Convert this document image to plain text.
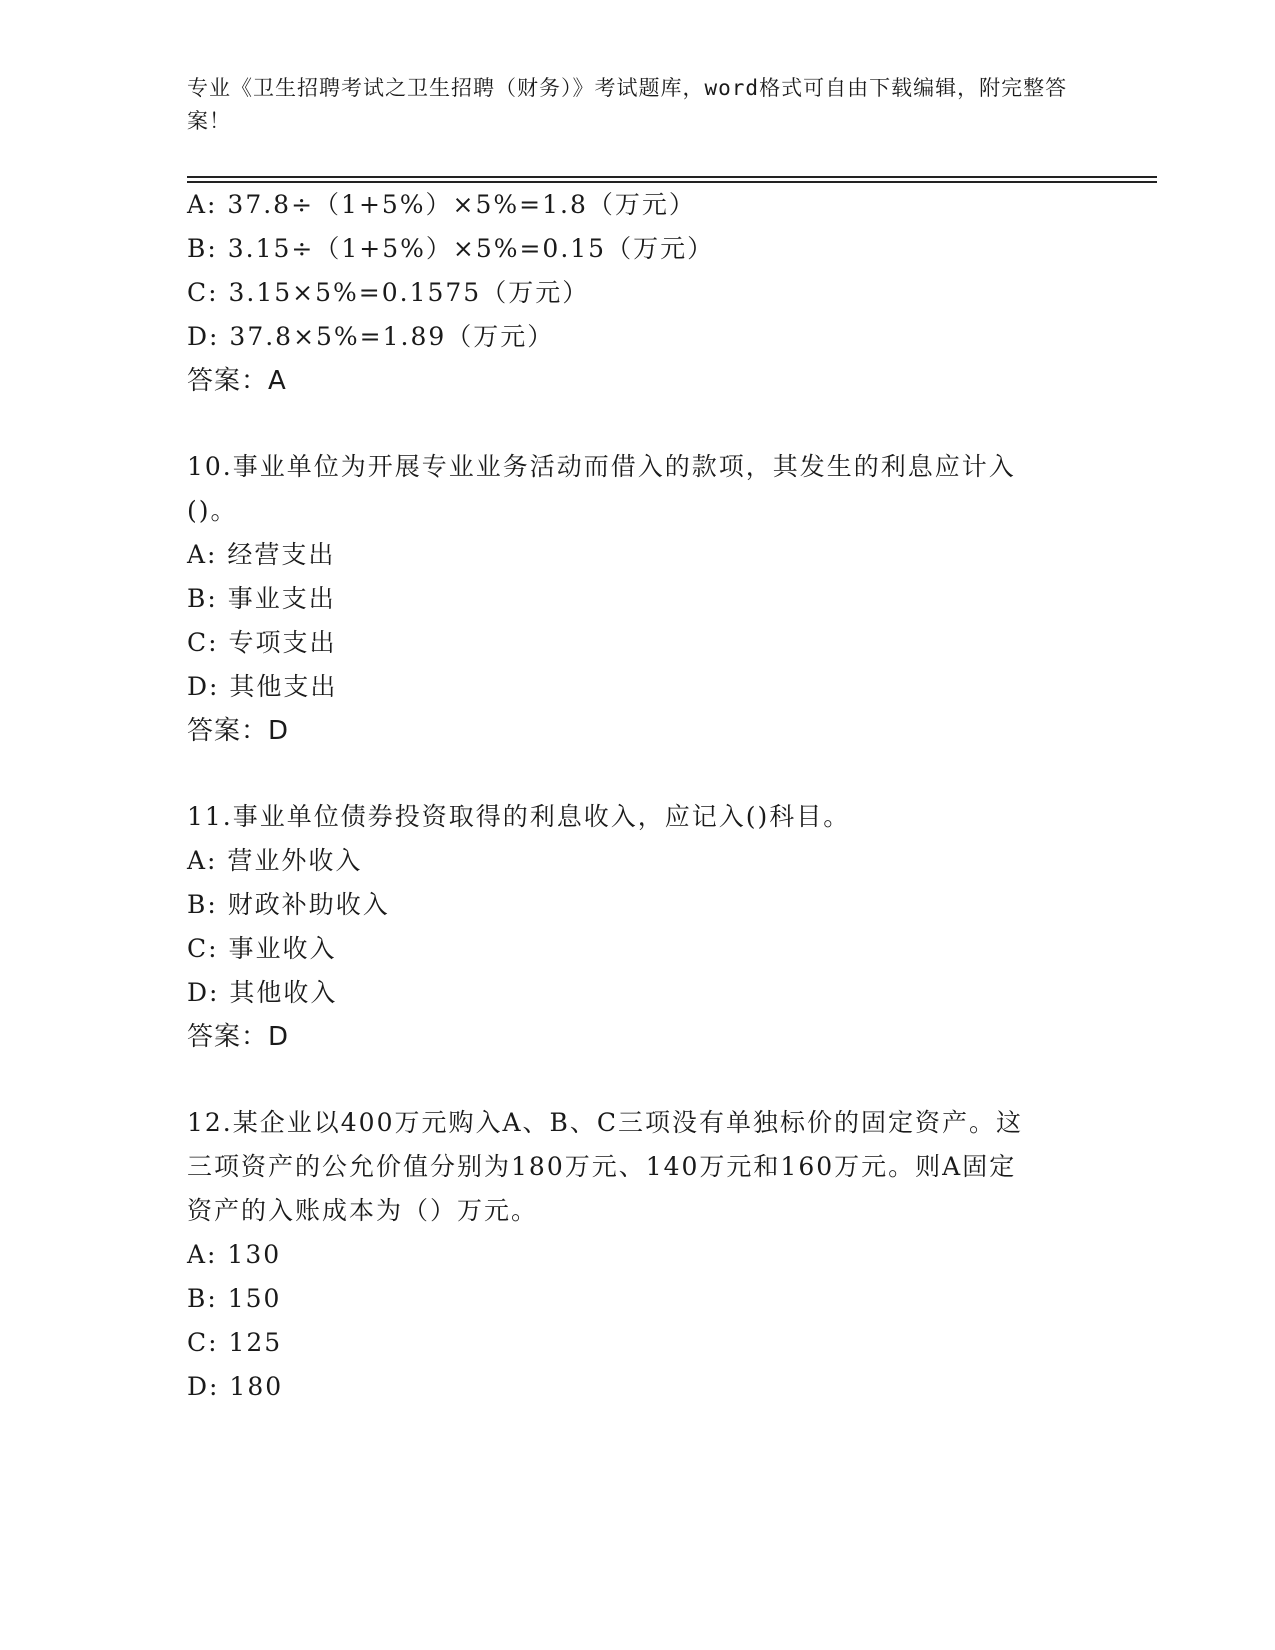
专业《卫生招聘考试之卫生招聘（财务）》考试题库，word格式可自由下载编辑，附完整答案！
A: 37.8÷（1+5%）×5%=1.8（万元）
B: 3.15÷（1+5%）×5%=0.15（万元）
C: 3.15×5%=0.1575（万元）
D: 37.8×5%=1.89（万元）
答案：A
10.事业单位为开展专业业务活动而借入的款项，其发生的利息应计入
()。
A: 经营支出
B: 事业支出
C: 专项支出
D: 其他支出
答案：D
11.事业单位债券投资取得的利息收入，应记入()科目。
A: 营业外收入
B: 财政补助收入
C: 事业收入
D: 其他收入
答案：D
12.某企业以400万元购入A、B、C三项没有单独标价的固定资产。这
三项资产的公允价值分别为180万元、140万元和160万元。则A固定
资产的入账成本为（）万元。
A: 130
B: 150
C: 125
D: 180
